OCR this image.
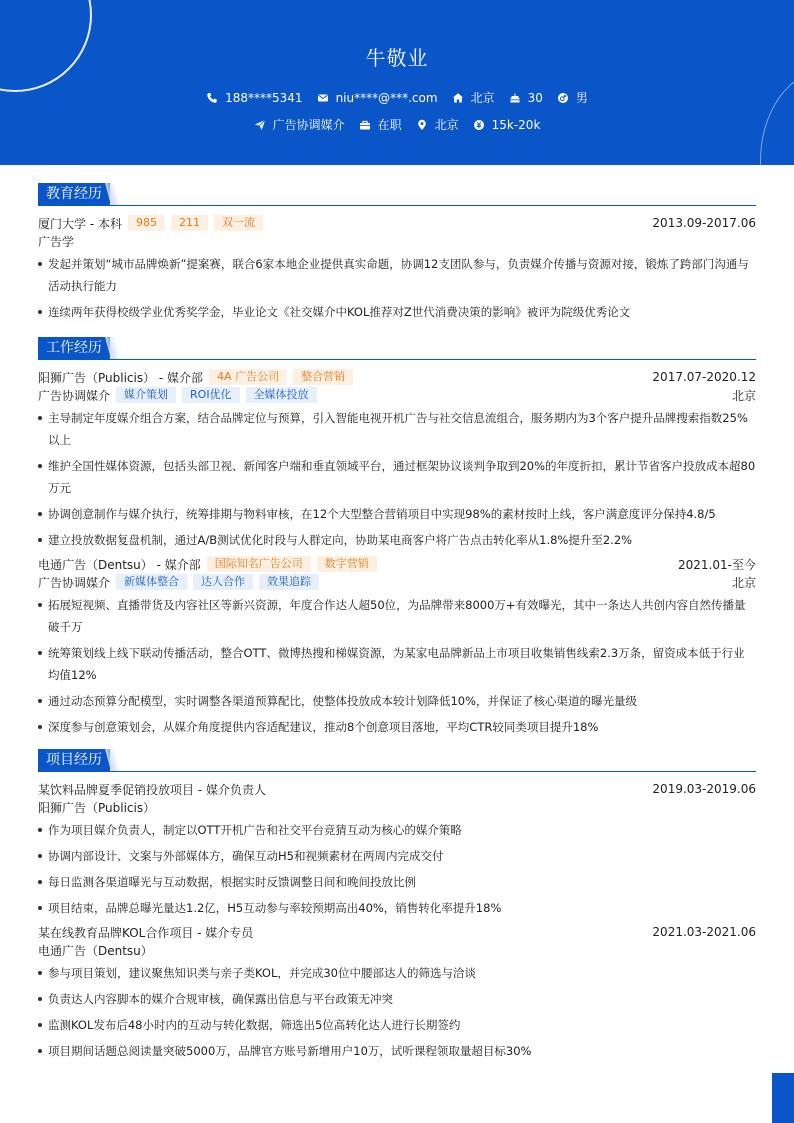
牛敬业
188****5341	niu****@***.com	北京	30	男
广告协调媒介	在职	北京	15k-20k
教育经历
厦门大学 - 本科	985	211	双一流	2013.09-2017.06
广告学
发起并策划“城市品牌焕新”提案赛，联合6家本地企业提供真实命题，协调12支团队参与，负责媒介传播与资源对接，锻炼了跨部门沟通与活动执行能力
连续两年获得校级学业优秀奖学金，毕业论文《社交媒介中KOL推荐对Z世代消费决策的影响》被评为院级优秀论文
工作经历
阳狮广告（Publicis） - 媒介部	4A 广告公司	整合营销	2017.07-2020.12
广告协调媒介	媒介策划	ROI优化	全媒体投放	北京
主导制定年度媒介组合方案，结合品牌定位与预算，引入智能电视开机广告与社交信息流组合，服务期内为3个客户提升品牌搜索指数25%以上
维护全国性媒体资源，包括头部卫视、新闻客户端和垂直领域平台，通过框架协议谈判争取到20%的年度折扣，累计节省客户投放成本超80万元
协调创意制作与媒介执行，统筹排期与物料审核，在12个大型整合营销项目中实现98%的素材按时上线，客户满意度评分保持4.8/5
建立投放数据复盘机制，通过A/B测试优化时段与人群定向，协助某电商客户将广告点击转化率从1.8%提升至2.2%
电通广告（Dentsu） - 媒介部	国际知名广告公司	数字营销	2021.01-至今
广告协调媒介	新媒体整合	达人合作	效果追踪	北京
拓展短视频、直播带货及内容社区等新兴资源，年度合作达人超50位，为品牌带来8000万+有效曝光，其中一条达人共创内容自然传播量破千万
统筹策划线上线下联动传播活动，整合OTT、微博热搜和梯媒资源，为某家电品牌新品上市项目收集销售线索2.3万条，留资成本低于行业均值12%
通过动态预算分配模型，实时调整各渠道预算配比，使整体投放成本较计划降低10%，并保证了核心渠道的曝光量级
深度参与创意策划会，从媒介角度提供内容适配建议，推动8个创意项目落地，平均CTR较同类项目提升18%
项目经历
某饮料品牌夏季促销投放项目 - 媒介负责人	2019.03-2019.06
阳狮广告（Publicis）
作为项目媒介负责人，制定以OTT开机广告和社交平台竞猜互动为核心的媒介策略
协调内部设计、文案与外部媒体方，确保互动H5和视频素材在两周内完成交付
每日监测各渠道曝光与互动数据，根据实时反馈调整日间和晚间投放比例
项目结束，品牌总曝光量达1.2亿，H5互动参与率较预期高出40%，销售转化率提升18%
某在线教育品牌KOL合作项目 - 媒介专员	2021.03-2021.06
电通广告（Dentsu）
参与项目策划，建议聚焦知识类与亲子类KOL，并完成30位中腰部达人的筛选与洽谈
负责达人内容脚本的媒介合规审核，确保露出信息与平台政策无冲突
监测KOL发布后48小时内的互动与转化数据，筛选出5位高转化达人进行长期签约
项目期间话题总阅读量突破5000万，品牌官方账号新增用户10万，试听课程领取量超目标30%
